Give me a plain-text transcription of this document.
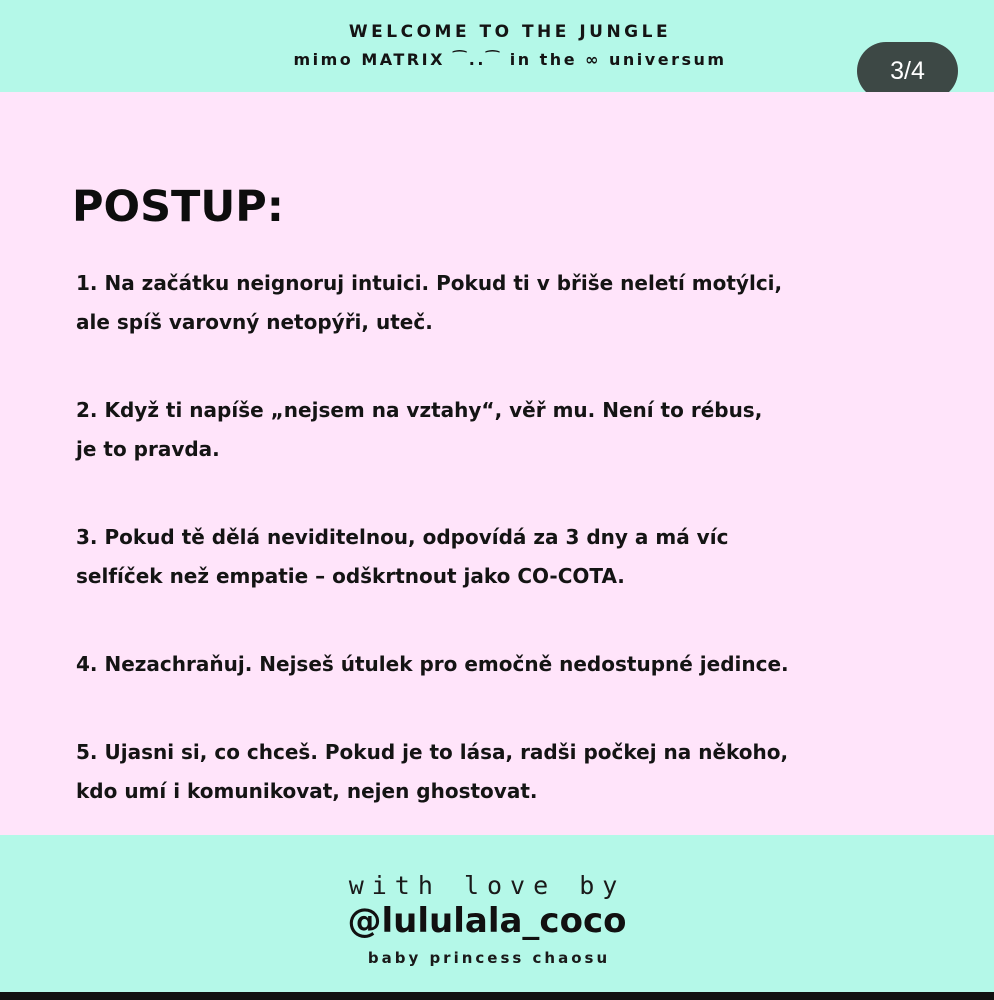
WELCOME TO THE JUNGLE
mimo MATRIX ⁀..⁀ in the ∞ universum	3/4
POSTUP:
1. Na začátku neignoruj intuici. Pokud ti v břiše neletí motýlci,
ale spíš varovný netopýři, uteč.
2. Když ti napíše „nejsem na vztahy“, věř mu. Není to rébus,
je to pravda.
3. Pokud tě dělá neviditelnou, odpovídá za 3 dny a má víc
selfíček než empatie – odškrtnout jako CO-COTA.
4. Nezachraňuj. Nejseš útulek pro emočně nedostupné jedince.
5. Ujasni si, co chceš. Pokud je to lása, radši počkej na někoho,
kdo umí i komunikovat, nejen ghostovat.
with love by
@lululala_coco
baby princess chaosu
